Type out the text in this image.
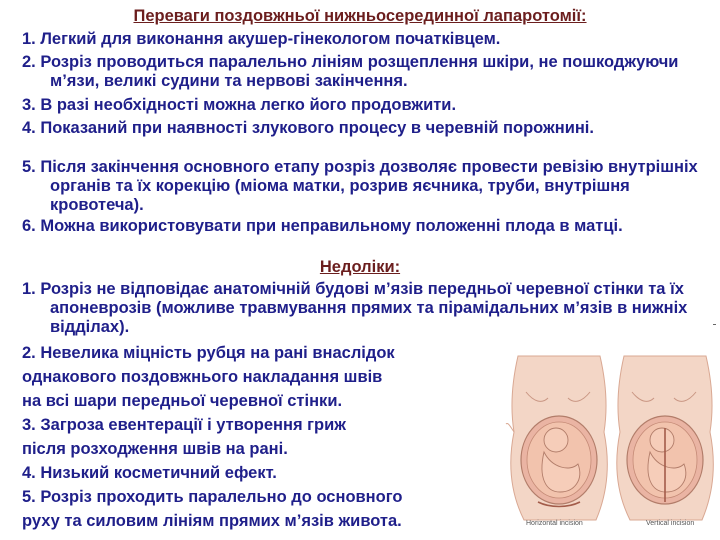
Переваги поздовжньої нижньосерединної лапаротомії:
1. Легкий для виконання акушер-гінекологом початківцем.
2. Розріз проводиться паралельно лініям розщеплення шкіри, не пошкоджуючи м’язи, великі судини та нервові закінчення.
3. В разі необхідності можна легко його продовжити.
4. Показаний при наявності злукового процесу в черевній порожнині.
5. Після закінчення основного етапу розріз дозволяє провести ревізію внутрішніх органів та їх корекцію (міома матки, розрив яєчника, труби, внутрішня кровотеча).
6. Можна використовувати при неправильному положенні плода в матці.
Недоліки:
1. Розріз не відповідає анатомічній будові м’язів передньої черевної стінки та їх апоневрозів (можливе травмування прямих та пірамідальних м’язів в нижніх відділах).
2. Невелика міцність рубця на рані внаслідок
однакового поздовжнього накладання швів
на всі шари передньої черевної стінки.
3. Загроза евентерації і утворення гриж
після розходження швів на рані.
4. Низький косметичний ефект.
5. Розріз проходить паралельно до основного
руху та силовим лініям прямих м’язів живота.	Horizontal incision	Vertical incision
